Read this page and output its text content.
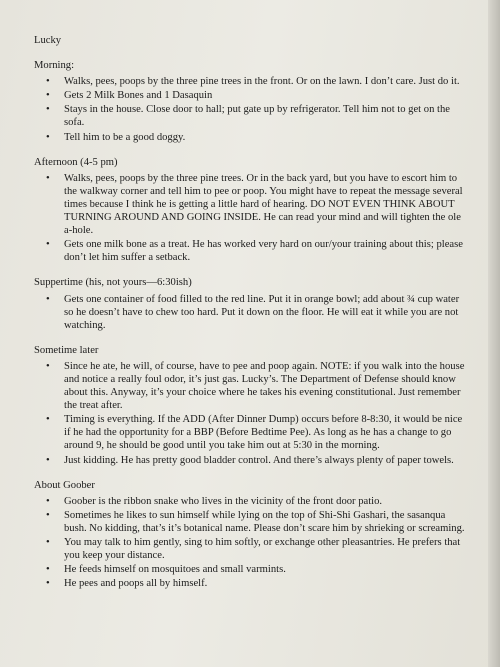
Lucky

Morning:

• Walks, pees, poops by the three pine trees in the front. Or on the lawn. I don’t care. Just do it.
• Gets 2 Milk Bones and 1 Dasaquin
• Stays in the house. Close door to hall; put gate up by refrigerator. Tell him not to get on the sofa.
• Tell him to be a good doggy.

Afternoon (4-5 pm)

• Walks, pees, poops by the three pine trees. Or in the back yard, but you have to escort him to the walkway corner and tell him to pee or poop. You might have to repeat the message several times because I think he is getting a little hard of hearing. DO NOT EVEN THINK ABOUT TURNING AROUND AND GOING INSIDE. He can read your mind and will tighten the ole a-hole.
• Gets one milk bone as a treat. He has worked very hard on our/your training about this; please don’t let him suffer a setback.

Suppertime (his, not yours—6:30ish)

• Gets one container of food filled to the red line. Put it in orange bowl; add about ¾ cup water so he doesn’t have to chew too hard. Put it down on the floor. He will eat it while you are not watching.

Sometime later

• Since he ate, he will, of course, have to pee and poop again. NOTE: if you walk into the house and notice a really foul odor, it’s just gas. Lucky’s. The Department of Defense should know about this. Anyway, it’s your choice where he takes his evening constitutional. Just remember the treat after.
• Timing is everything. If the ADD (After Dinner Dump) occurs before 8-8:30, it would be nice if he had the opportunity for a BBP (Before Bedtime Pee). As long as he has a change to go around 9, he should be good until you take him out at 5:30 in the morning.
• Just kidding. He has pretty good bladder control. And there’s always plenty of paper towels.

About Goober

• Goober is the ribbon snake who lives in the vicinity of the front door patio.
• Sometimes he likes to sun himself while lying on the top of Shi-Shi Gashari, the sasanqua bush. No kidding, that’s it’s botanical name. Please don’t scare him by shrieking or screaming.
• You may talk to him gently, sing to him softly, or exchange other pleasantries. He prefers that you keep your distance.
• He feeds himself on mosquitoes and small varmints.
• He pees and poops all by himself.
